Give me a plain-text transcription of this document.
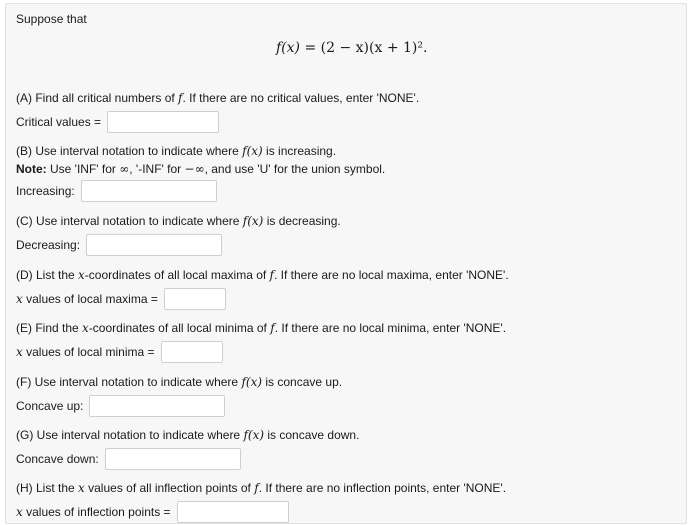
Suppose that
f(x) = (2 − x)(x + 1)².
(A) Find all critical numbers of f. If there are no critical values, enter 'NONE'.
Critical values =
(B) Use interval notation to indicate where f(x) is increasing.
Note: Use 'INF' for ∞, '-INF' for −∞, and use 'U' for the union symbol.
Increasing:
(C) Use interval notation to indicate where f(x) is decreasing.
Decreasing:
(D) List the x-coordinates of all local maxima of f. If there are no local maxima, enter 'NONE'.
x values of local maxima =
(E) Find the x-coordinates of all local minima of f. If there are no local minima, enter 'NONE'.
x values of local minima =
(F) Use interval notation to indicate where f(x) is concave up.
Concave up:
(G) Use interval notation to indicate where f(x) is concave down.
Concave down:
(H) List the x values of all inflection points of f. If there are no inflection points, enter 'NONE'.
x values of inflection points =
